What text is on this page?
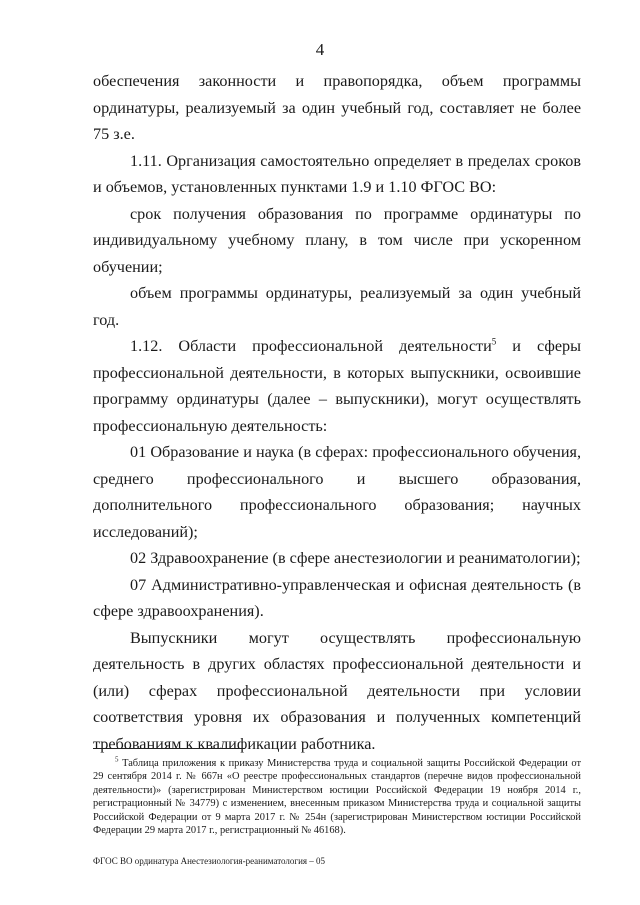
4

обеспечения законности и правопорядка, объем программы ординатуры, реализуемый за один учебный год, составляет не более 75 з.е.

1.11. Организация самостоятельно определяет в пределах сроков и объемов, установленных пунктами 1.9 и 1.10 ФГОС ВО:

срок получения образования по программе ординатуры по индивидуальному учебному плану, в том числе при ускоренном обучении;

объем программы ординатуры, реализуемый за один учебный год.

1.12. Области профессиональной деятельности$^5$ и сферы профессиональной деятельности, в которых выпускники, освоившие программу ординатуры (далее – выпускники), могут осуществлять профессиональную деятельность:

01 Образование и наука (в сферах: профессионального обучения, среднего профессионального и высшего образования, дополнительного профессионального образования; научных исследований);

02 Здравоохранение (в сфере анестезиологии и реаниматологии);

07 Административно-управленческая и офисная деятельность (в сфере здравоохранения).

Выпускники могут осуществлять профессиональную деятельность в других областях профессиональной деятельности и (или) сферах профессиональной деятельности при условии соответствия уровня их образования и полученных компетенций требованиям к квалификации работника.

$^5$ Таблица приложения к приказу Министерства труда и социальной защиты Российской Федерации от 29 сентября 2014 г. № 667н «О реестре профессиональных стандартов (перечне видов профессиональной деятельности)» (зарегистрирован Министерством юстиции Российской Федерации 19 ноября 2014 г., регистрационный № 34779) с изменением, внесенным приказом Министерства труда и социальной защиты Российской Федерации от 9 марта 2017 г. № 254н (зарегистрирован Министерством юстиции Российской Федерации 29 марта 2017 г., регистрационный № 46168).

ФГОС ВО ординатура Анестезиология-реаниматология – 05
